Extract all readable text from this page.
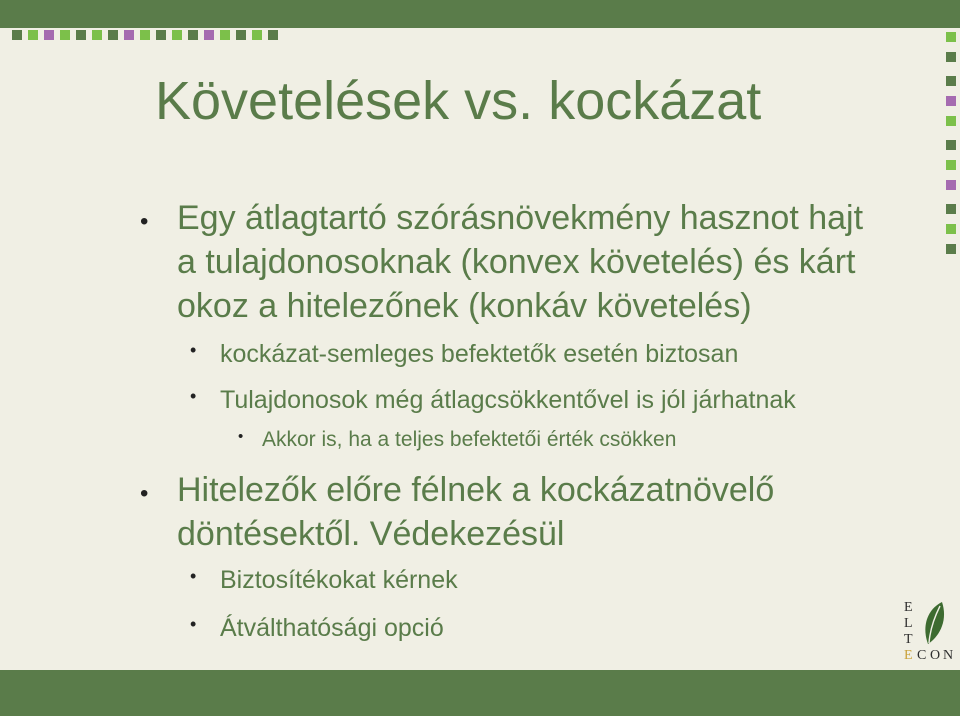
Követelések vs. kockázat
• Egy átlagtartó szórásnövekmény hasznot hajt
a tulajdonosoknak (konvex követelés) és kárt
okoz a hitelezőnek (konkáv követelés)
• kockázat-semleges befektetők esetén biztosan
• Tulajdonosok még átlagcsökkentővel is jól járhatnak
• Akkor is, ha a teljes befektetői érték csökken
• Hitelezők előre félnek a kockázatnövelő
döntésektől. Védekezésül
• Biztosítékokat kérnek
• Átválthatósági opció
E
L
T
E C O N
